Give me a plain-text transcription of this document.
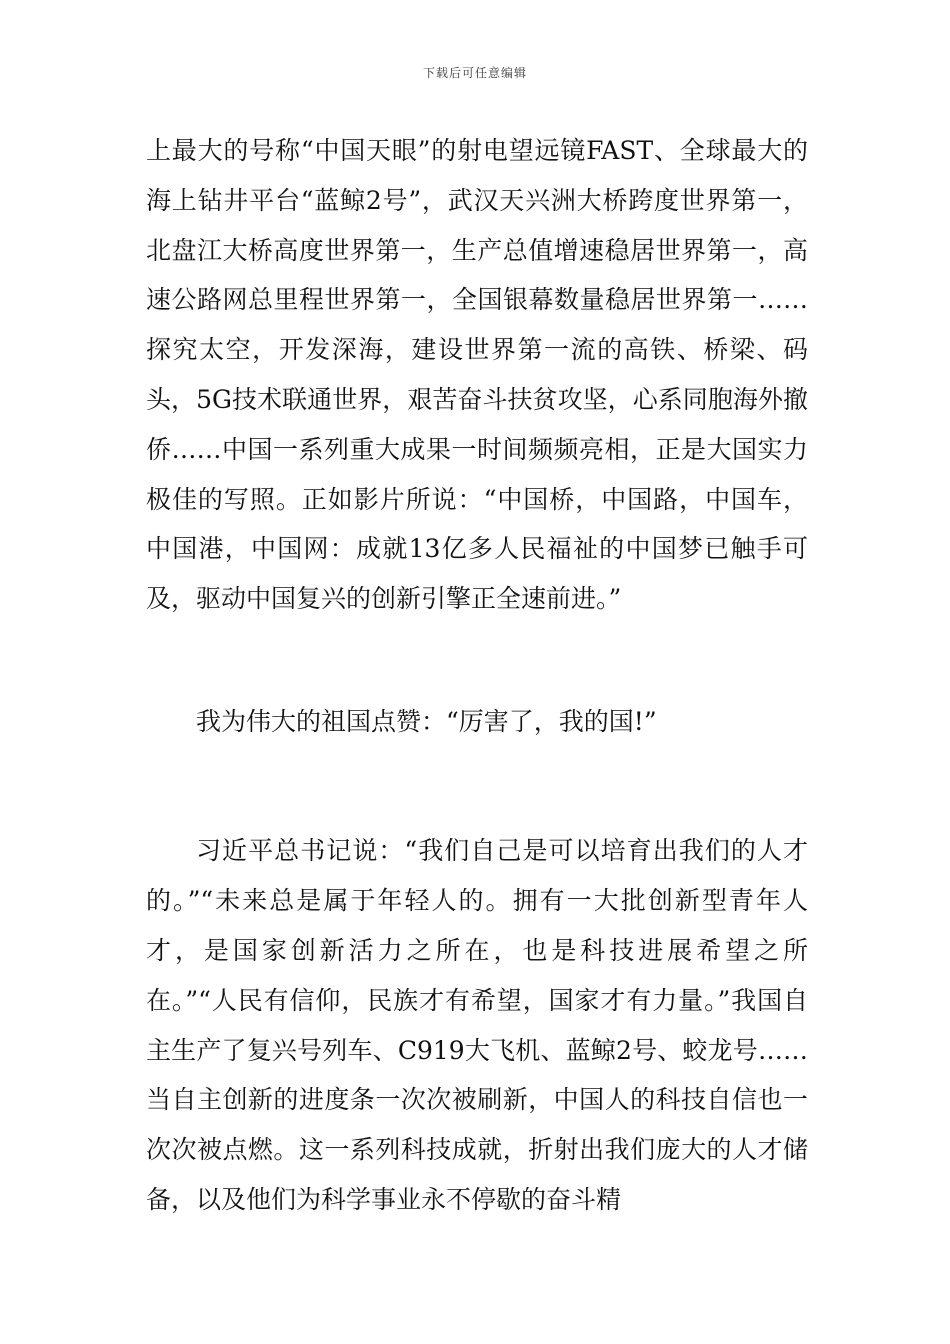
下载后可任意编辑

上最大的号称“中国天眼”的射电望远镜FAST、全球最大的海上钻井平台“蓝鲸2号”，武汉天兴洲大桥跨度世界第一，北盘江大桥高度世界第一，生产总值增速稳居世界第一，高速公路网总里程世界第一，全国银幕数量稳居世界第一……探究太空，开发深海，建设世界第一流的高铁、桥梁、码头，5G技术联通世界，艰苦奋斗扶贫攻坚，心系同胞海外撤侨……中国一系列重大成果一时间频频亮相，正是大国实力极佳的写照。正如影片所说：“中国桥，中国路，中国车，中国港，中国网：成就13亿多人民福祉的中国梦已触手可及，驱动中国复兴的创新引擎正全速前进。”

我为伟大的祖国点赞：“厉害了，我的国!”

习近平总书记说：“我们自己是可以培育出我们的人才的。”“未来总是属于年轻人的。拥有一大批创新型青年人才，是国家创新活力之所在，也是科技进展希望之所在。”“人民有信仰，民族才有希望，国家才有力量。”我国自主生产了复兴号列车、C919大飞机、蓝鲸2号、蛟龙号……当自主创新的进度条一次次被刷新，中国人的科技自信也一次次被点燃。这一系列科技成就，折射出我们庞大的人才储备，以及他们为科学事业永不停歇的奋斗精
